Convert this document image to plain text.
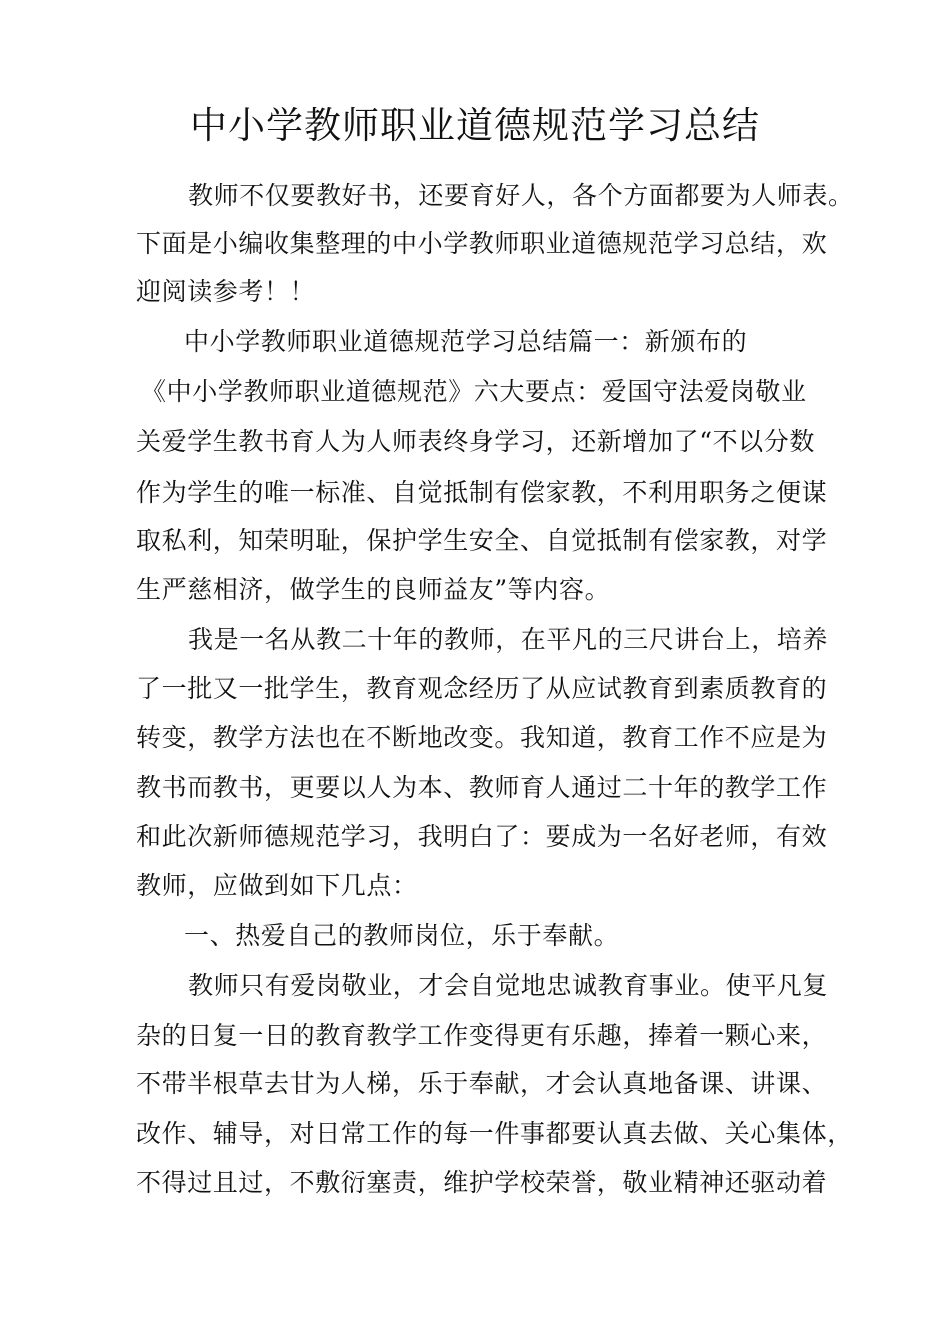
中小学教师职业道德规范学习总结
教师不仅要教好书，还要育好人，各个方面都要为人师表。
下面是小编收集整理的中小学教师职业道德规范学习总结，欢
迎阅读参考！！
中小学教师职业道德规范学习总结篇一：新颁布的
《中小学教师职业道德规范》六大要点：爱国守法爱岗敬业
关爱学生教书育人为人师表终身学习，还新增加了“不以分数
作为学生的唯一标准、自觉抵制有偿家教，不利用职务之便谋
取私利，知荣明耻，保护学生安全、自觉抵制有偿家教，对学
生严慈相济，做学生的良师益友”等内容。
我是一名从教二十年的教师，在平凡的三尺讲台上，培养
了一批又一批学生，教育观念经历了从应试教育到素质教育的
转变，教学方法也在不断地改变。我知道，教育工作不应是为
教书而教书，更要以人为本、教师育人通过二十年的教学工作
和此次新师德规范学习，我明白了：要成为一名好老师，有效
教师，应做到如下几点：
一、热爱自己的教师岗位，乐于奉献。
教师只有爱岗敬业，才会自觉地忠诚教育事业。使平凡复
杂的日复一日的教育教学工作变得更有乐趣，捧着一颗心来，
不带半根草去甘为人梯，乐于奉献，才会认真地备课、讲课、
改作、辅导，对日常工作的每一件事都要认真去做、关心集体，
不得过且过，不敷衍塞责，维护学校荣誉，敬业精神还驱动着
